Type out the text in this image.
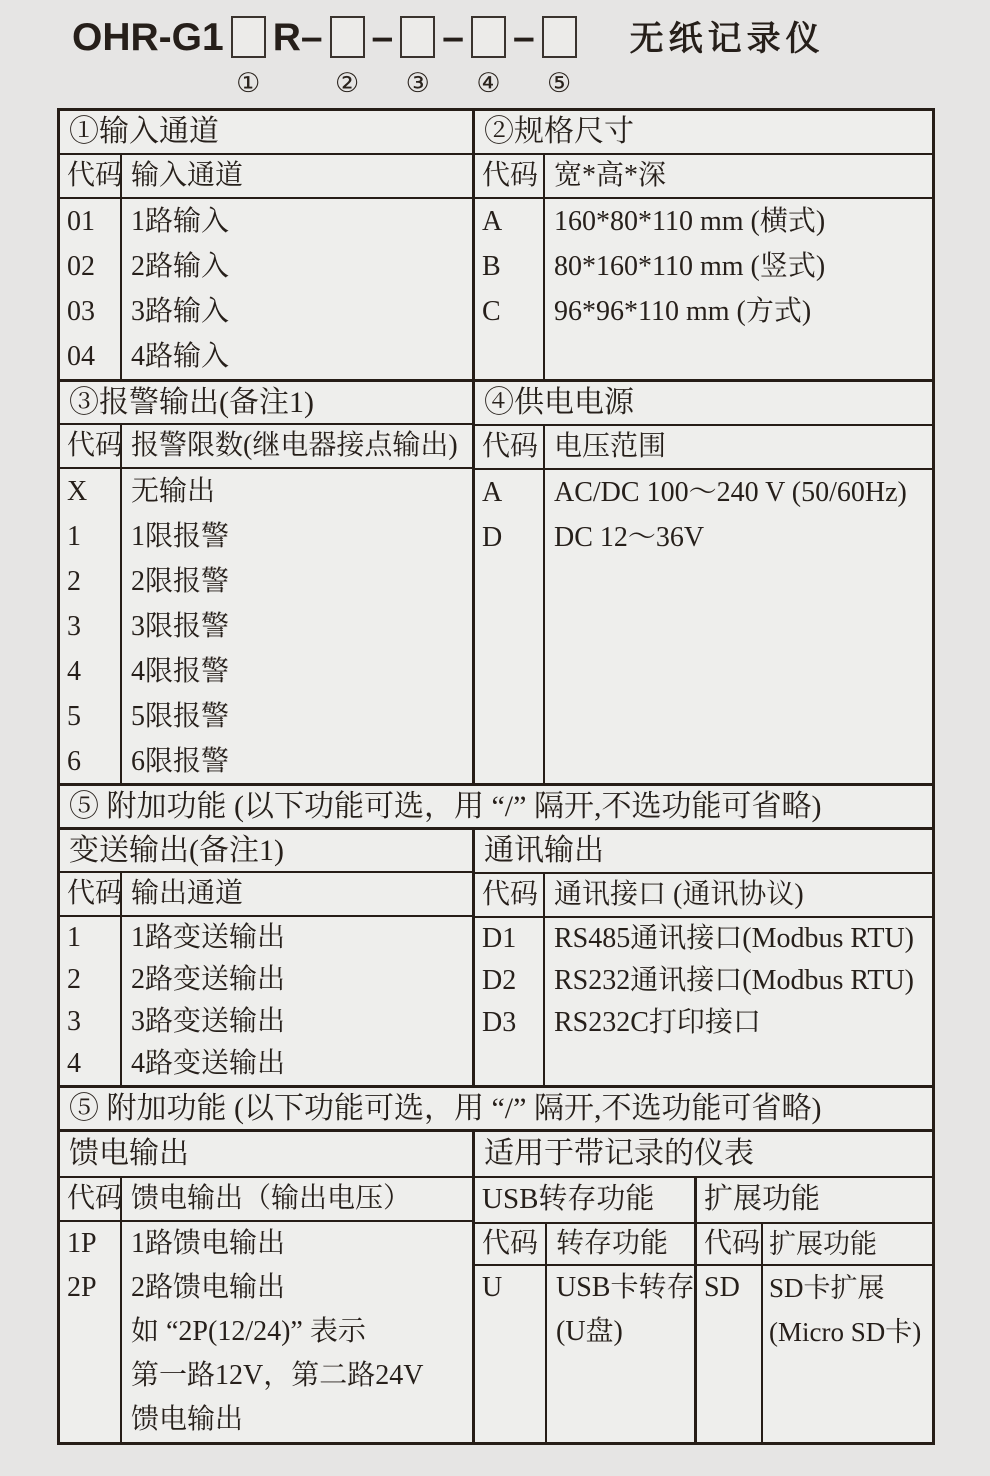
OHR-G1
①
R–
②
–
③
–
④
–
⑤
无纸记录仪
①输入通道
代码 输入通道
01
02
03
04
1路输入
2路输入
3路输入
4路输入
②规格尺寸
代码 宽*高*深
A
B
C
160*80*110 mm (横式)
80*160*110 mm (竖式)
96*96*110 mm (方式)
③报警输出(备注1)
代码 报警限数(继电器接点输出)
X
1
2
3
4
5
6
无输出
1限报警
2限报警
3限报警
4限报警
5限报警
6限报警
④供电电源
代码 电压范围
A
D
AC/DC 100～240 V (50/60Hz)
DC 12～36V
⑤ 附加功能 (以下功能可选，用 “/” 隔开,不选功能可省略)
变送输出(备注1)
代码 输出通道
1
2
3
4
1路变送输出
2路变送输出
3路变送输出
4路变送输出
通讯输出
代码 通讯接口 (通讯协议)
D1
D2
D3
RS485通讯接口(Modbus RTU)
RS232通讯接口(Modbus RTU)
RS232C打印接口
⑤ 附加功能 (以下功能可选，用 “/” 隔开,不选功能可省略)
馈电输出
代码 馈电输出（输出电压）
1P
2P
1路馈电输出
2路馈电输出
如 “2P(12/24)” 表示
第一路12V，第二路24V
馈电输出
适用于带记录的仪表
USB转存功能
代码 转存功能
U	USB卡转存
(U盘)
扩展功能
代码 扩展功能
SD	SD卡扩展
(Micro SD卡)
